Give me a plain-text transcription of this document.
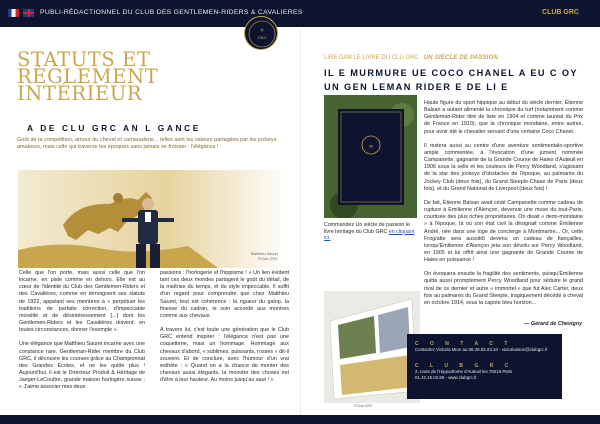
PUBLI-RÉDACTIONNEL DU CLUB DES GENTLEMEN-RIDERS & CAVALIERES	CLUB GRC
⚜
GRC
STATUTS ET
RÈGLEMENT
INTÉRIEUR
A DE CLU GRC AN L GANCE
Goût de la compétition, amour du cheval et camaraderie... telles sont les valeurs partagées par les jockeys amateurs, mais celle qui traverse les époques sans jamais se froisser : l'élégance !
Matthieu Sauret
©Club GRC

Celle que l'on porte, mais aussi celle que l'on incarne, en piste comme en dehors. Elle est au cœur de l'identité du Club des Gentlemen-Riders et des Cavalières, comme en témoignent ses statuts de 1922, appelant ses membres à « perpétuer les traditions de parfaite correction, d'impeccable moralité et de désintéressement [...] dont les Gentlemen-Riders et les Cavalières doivent, en toutes circonstances, donner l'exemple ».

Une élégance que Matthieu Sauret incarne avec une constance rare. Gentleman-Rider membre du Club GRC, il découvre les courses grâce au Championnat des Grandes Écoles, et ne les quitte plus ! Aujourd'hui, il est le Directeur Produit & Héritage de Jaeger-LeCoultre, grande maison horlogère suisse : « J'aime associer mes deux

passions : l'horlogerie et l'hippisme ! » Un lien évident tant ces deux mondes partagent le goût du détail, de la maîtrise du temps, et du style impeccable. Il suffit d'un regard pour comprendre que chez Matthieu Sauret, tout est cohérence : la rigueur du galop, la finesse du cadran, le soin accordé aux montres comme aux chevaux.

À travers lui, c'est toute une génération que le Club GRC entend inspirer : l'élégance n'est pas une coquetterie, mais un hommage. Hommage aux chevaux d'abord, « sublimes, puissants, rosses » dit-il souvent. Et de conclure, avec l'humour d'un vrai esthète : « Quand on a la chance de monter des chevaux aussi élégants, la moindre des choses est d'être à leur hauteur. Au moins jusqu'au saut ! »

LIRE DAN LE LIVRE DU CLU GRC UN SIÈCLE DE PASSION
IL E MURMURE UE COCO CHANEL A EU C OY
UN GEN LEMAN RIDER E DE LI E
∞
Commandez Un siècle de passion le livre héritage du Club GRC en cliquant ici.

Haute figure du sport hippique au début du siècle dernier, Étienne Balsan a autant alimenté la chronique du turf (notamment comme Gentleman-Rider titré de liste en 1904 et comme lauréat du Prix de France en 1910), que la chronique mondaine, entre autres, pour avoir été le chevalier servant d'une certaine Coco Chanel.

Il restera aussi au centre d'une aventure sentimentalo-sportive ample commentée, à l'évocation d'une jument nommée Campanette, gagnante de la Grande Course de Haies d'Auteuil en 1906 sous la selle et les couleurs de Percy Woodland, s'agissant de la star des jockeys d'obstacles de l'époque, au palmarès du Jockey Club (deux fois), du Grand Steeple-Chase de Paris (deux fois), et du Grand National de Liverpool (deux fois) !

De fait, Étienne Balsan avait cédé Campanette comme cadeau de rupture à Emilienne d'Alençon, devenue une muse du tout-Paris, courtisée des plus riches propriétaires. On disait « demi-mondaine » à l'époque, là où son état civil la désignait comme Émilienne André, née dans une loge de concierge à Montmartre... Or, cette Frog/atte sera aussitôt devenu un cadeau de fiançailles, lorsqu'Émilienne d'Alençon jeta son dévolu sur Percy Woodland, en 1905 et lui offrit ainsi une gagnante de Grande Course de Haies en puissance !

On évoquera ensuite la fragilité des sentiments, puisqu'Émilienne quitta aussi promptement Percy Woodland pour séduire le grand rival de ce dernier et autre « immortel » que fut Alec Carter, deux fois au palmarès du Grand Steeple, tragiquement décédé à cheval en octobre 1914, sous la capote bleu horizon...

— Gérard de Chevigny
©Club GRC
C O N T A C T
Contactez Victoria Mion au 06.28.82.23.10 - victoriamion@clubgrc.fr
C L U B G R C
2, route de l'Hippodrome d'Auteuil les 75016 Paris
01.42.15.02.65 - www.clubgrc.fr
